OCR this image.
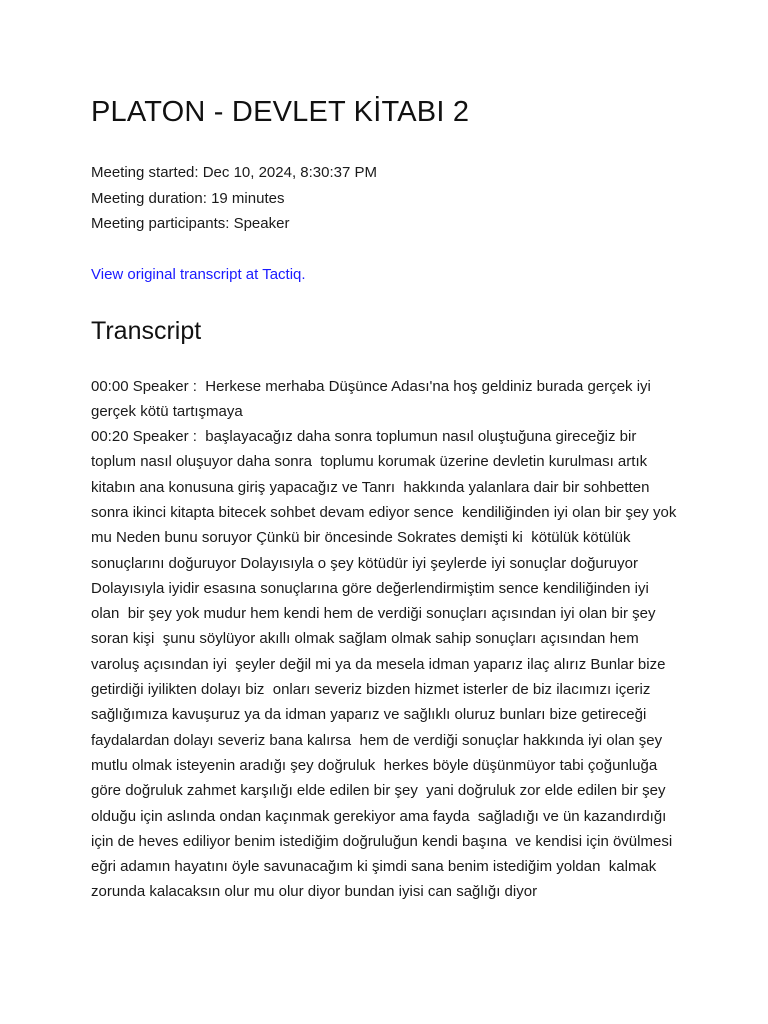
PLATON - DEVLET KİTABI 2
Meeting started: Dec 10, 2024, 8:30:37 PM
Meeting duration: 19 minutes
Meeting participants: Speaker
View original transcript at Tactiq.
Transcript
00:00 Speaker :  Herkese merhaba Düşünce Adası'na hoş geldiniz burada gerçek iyi gerçek kötü tartışmaya
00:20 Speaker :  başlayacağız daha sonra toplumun nasıl oluştuğuna gireceğiz bir toplum nasıl oluşuyor daha sonra  toplumu korumak üzerine devletin kurulması artık kitabın ana konusuna giriş yapacağız ve Tanrı  hakkında yalanlara dair bir sohbetten sonra ikinci kitapta bitecek sohbet devam ediyor sence  kendiliğinden iyi olan bir şey yok mu Neden bunu soruyor Çünkü bir öncesinde Sokrates demişti ki  kötülük kötülük sonuçlarını doğuruyor Dolayısıyla o şey kötüdür iyi şeylerde iyi sonuçlar doğuruyor  Dolayısıyla iyidir esasına sonuçlarına göre değerlendirmiştim sence kendiliğinden iyi olan  bir şey yok mudur hem kendi hem de verdiği sonuçları açısından iyi olan bir şey soran kişi  şunu söylüyor akıllı olmak sağlam olmak sahip sonuçları açısından hem varoluş açısından iyi  şeyler değil mi ya da mesela idman yaparız ilaç alırız Bunlar bize getirdiği iyilikten dolayı biz  onları severiz bizden hizmet isterler de biz ilacımızı içeriz sağlığımıza kavuşuruz ya da idman yaparız ve sağlıklı oluruz bunları bize getireceği faydalardan dolayı severiz bana kalırsa  hem de verdiği sonuçlar hakkında iyi olan şey mutlu olmak isteyenin aradığı şey doğruluk  herkes böyle düşünmüyor tabi çoğunluğa göre doğruluk zahmet karşılığı elde edilen bir şey  yani doğruluk zor elde edilen bir şey olduğu için aslında ondan kaçınmak gerekiyor ama fayda  sağladığı ve ün kazandırdığı için de heves ediliyor benim istediğim doğruluğun kendi başına  ve kendisi için övülmesi eğri adamın hayatını öyle savunacağım ki şimdi sana benim istediğim yoldan  kalmak zorunda kalacaksın olur mu olur diyor bundan iyisi can sağlığı diyor
